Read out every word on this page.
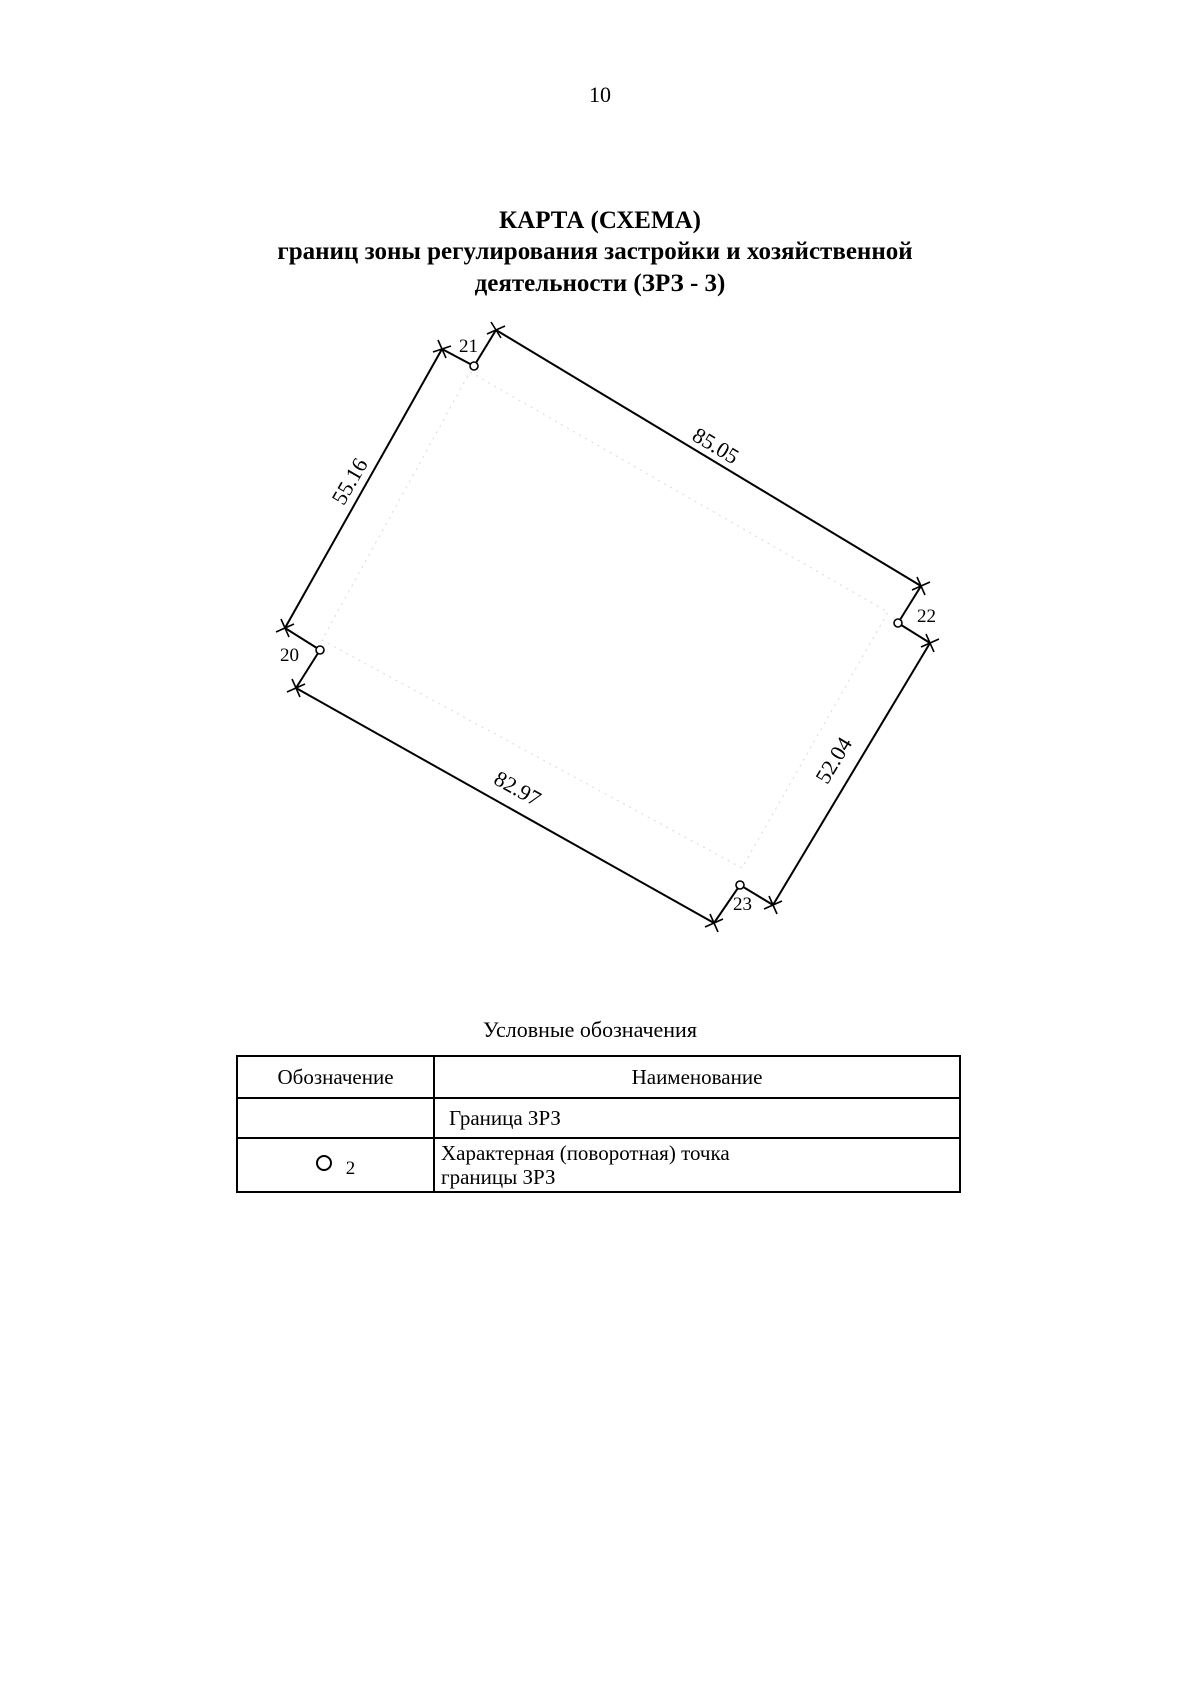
10
КАРТА (СХЕМА)
границ зоны регулирования застройки и хозяйственной
деятельности (ЗРЗ - 3)
21
22
23
20
85.05
52.04
82.97
55.16
Условные обозначения
Обозначение	Наименование
	Граница ЗРЗ
2	Характерная (поворотная) точка
границы ЗРЗ
